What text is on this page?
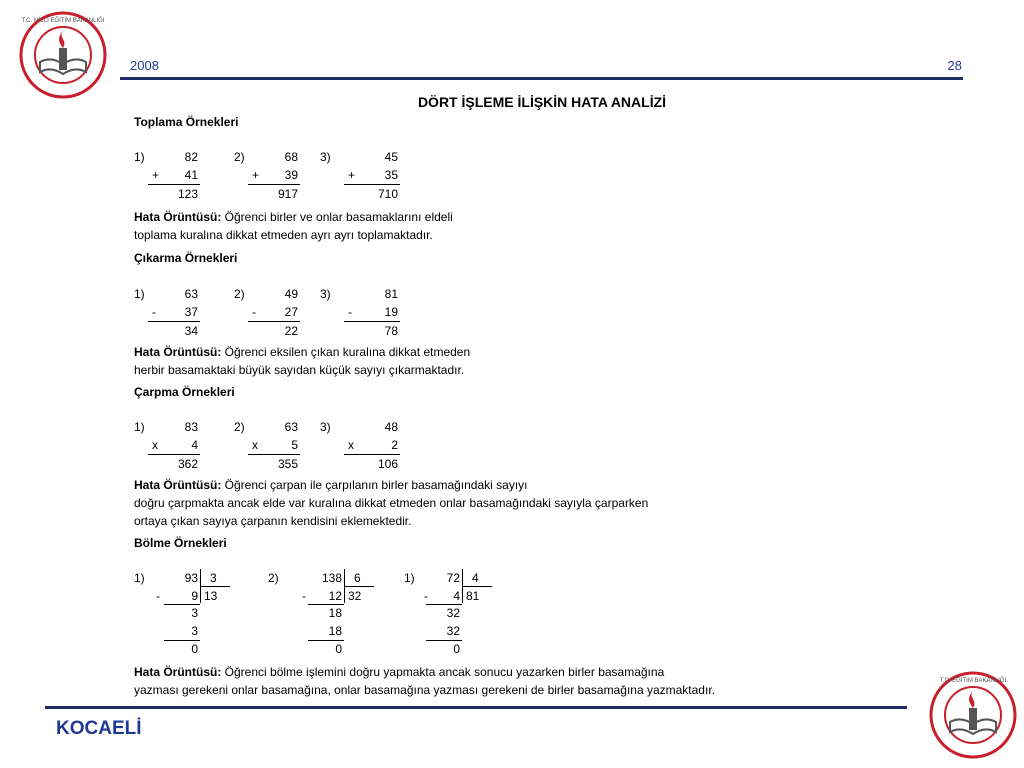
T.C. MİLLİ EĞİTİM BAKANLIĞI
T.C. EĞİTİM BAKANLIĞI
2008	28
DÖRT İŞLEME İLİŞKİN HATA ANALİZİ
Toplama Örnekleri
1)	82
+	41
123
2)	68
+	39
917
3)	45
+	35
710
Hata Örüntüsü: Öğrenci birler ve onlar basamaklarını eldeli
toplama kuralına dikkat etmeden ayrı ayrı toplamaktadır.
Çıkarma Örnekleri
1)	63
-	37
34
2)	49
-	27
22
3)	81
-	19
78
Hata Örüntüsü: Öğrenci eksilen çıkan kuralına dikkat etmeden
herbir basamaktaki büyük sayıdan küçük sayıyı çıkarmaktadır.
Çarpma Örnekleri
1)	83
x	4
362
2)	63
x	5
355
3)	48
x	2
106
Hata Örüntüsü: Öğrenci çarpan ile çarpılanın birler basamağındaki sayıyı
doğru çarpmakta ancak elde var kuralına dikkat etmeden onlar basamağındaki sayıyla çarparken
ortaya çıkan sayıya çarpanın kendisini eklemektedir.
Bölme Örnekleri
1)	93 3
-	9 13
3
3
0
2)	138 6
-	12 32
18
18
0
1)	72 4
-	4 81
32
32
0
Hata Örüntüsü: Öğrenci bölme işlemini doğru yapmakta ancak sonucu yazarken birler basamağına
yazması gerekeni onlar basamağına, onlar basamağına yazması gerekeni de birler basamağına yazmaktadır.
KOCAELİ
